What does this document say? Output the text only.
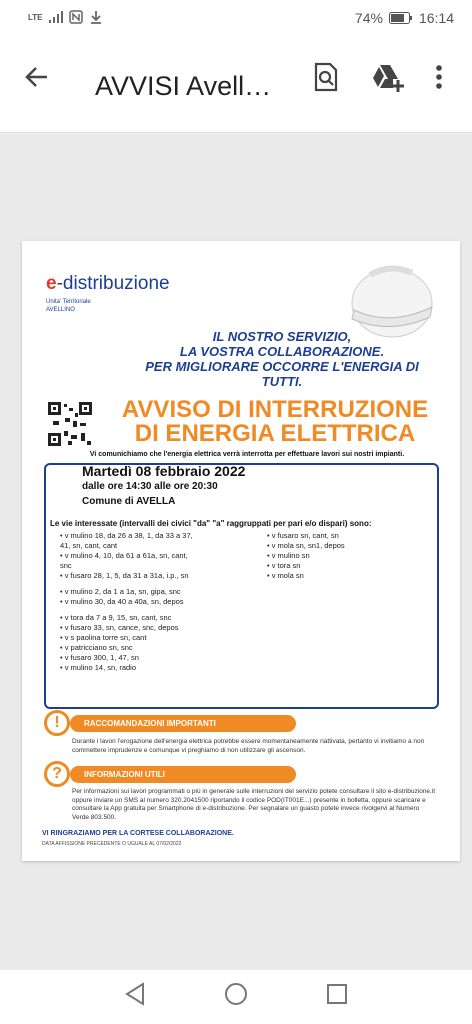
LTE	74%	16:14
AVVISI Avell…
e-distribuzione
Unita' Territoriale
AVELLINO
IL NOSTRO SERVIZIO,
LA VOSTRA COLLABORAZIONE.
PER MIGLIORARE OCCORRE L'ENERGIA DI TUTTI.
AVVISO DI INTERRUZIONE
DI ENERGIA ELETTRICA
Vi comunichiamo che l'energia elettrica verrà interrotta per effettuare lavori sui nostri impianti.
Martedì 08 febbraio 2022
dalle ore 14:30 alle ore 20:30
Comune di AVELLA
Le vie interessate (intervalli dei civici "da" "a" raggruppati per pari e/o dispari) sono:
• v mulino 18, da 26 a 38, 1, da 33 a 37,
41, sn, cant, cant
• v mulino 4, 10, da 61 a 61a, sn, cant,
snc
• v fusaro 28, 1, 5, da 31 a 31a, i.p., sn
• v mulino 2, da 1 a 1a, sn, gipa, snc
• v mulino 30, da 40 a 40a, sn, depos
• v tora da 7 a 9, 15, sn, cant, snc
• v fusaro 33, sn, cance, snc, depos
• v s paolina torre sn, cant
• v patricciano sn, snc
• v fusaro 300, 1, 47, sn
• v mulino 14, sn, radio
• v fusaro sn, cant, sn
• v mola sn, sn1, depos
• v mulino sn
• v tora sn
• v mola sn
RACCOMANDAZIONI IMPORTANTI
!
Durante i lavori l'erogazione dell'energia elettrica potrebbe essere momentaneamente riattivata, pertanto vi invitiamo a non commettere imprudenze e comunque vi preghiamo di non utilizzare gli ascensori.
INFORMAZIONI UTILI
?
Per informazioni sui lavori programmati o più in generale sulle interruzioni del servizio potete consultare il sito e-distribuzione.it oppure inviare un SMS al numero 320.2041500 riportando il codice POD(IT001E...) presente in bolletta, oppure scaricare e consultare la App gratuita per Smartphone di e-distribuzione. Per segnalare un guasto potete invece rivolgervi al Numero Verde 803.500.
VI RINGRAZIAMO PER LA CORTESE COLLABORAZIONE.
DATA AFFISSIONE PRECEDENTE O UGUALE AL 07/02/2022
